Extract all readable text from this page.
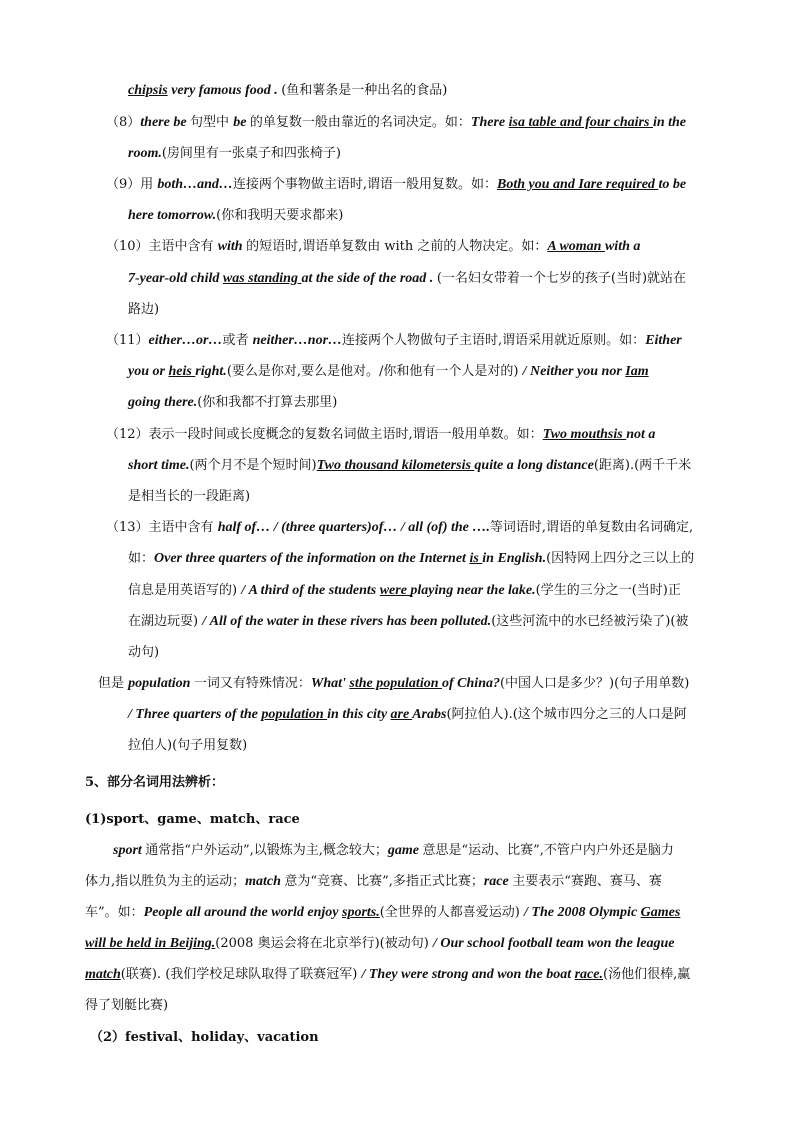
chipsis very famous food . (鱼和薯条是一种出名的食品)
（8）there be 句型中 be 的单复数一般由靠近的名词决定。如：There isa table and four chairs in the
room.(房间里有一张桌子和四张椅子)
（9）用 both…and…连接两个事物做主语时,谓语一般用复数。如：Both you and Iare required to be
here tomorrow.(你和我明天要求都来)
（10）主语中含有 with 的短语时,谓语单复数由 with 之前的人物决定。如：A woman with a
7-year-old child was standing at the side of the road . (一名妇女带着一个七岁的孩子(当时)就站在
路边)
（11）either…or…或者 neither…nor…连接两个人物做句子主语时,谓语采用就近原则。如：Either
you or heis right.(要么是你对,要么是他对。/你和他有一个人是对的) / Neither you nor Iam
going there.(你和我都不打算去那里)
（12）表示一段时间或长度概念的复数名词做主语时,谓语一般用单数。如：Two mouthsis not a
short time.(两个月不是个短时间)Two thousand kilometersis quite a long distance(距离).(两千千米
是相当长的一段距离)
（13）主语中含有 half of… / (three quarters)of… / all (of) the ….等词语时,谓语的单复数由名词确定,
如：Over three quarters of the information on the Internet is in English.(因特网上四分之三以上的
信息是用英语写的) / A third of the students were playing near the lake.(学生的三分之一(当时)正
在湖边玩耍) / All of the water in these rivers has been polluted.(这些河流中的水已经被污染了)(被
动句)
但是 population 一词又有特殊情况：What' sthe population of China?(中国人口是多少？)(句子用单数)
/ Three quarters of the population in this city are Arabs(阿拉伯人).(这个城市四分之三的人口是阿
拉伯人)(句子用复数)
5、部分名词用法辨析：
(1)sport、game、match、race
sport 通常指“户外运动”,以锻炼为主,概念较大；game 意思是“运动、比赛”,不管户内户外还是脑力
体力,指以胜负为主的运动；match 意为“竞赛、比赛”,多指正式比赛；race 主要表示“赛跑、赛马、赛
车”。如：People all around the world enjoy sports.(全世界的人都喜爱运动) / The 2008 Olympic Games
will be held in Beijing.(2008 奥运会将在北京举行)(被动句) / Our school football team won the league
match(联赛). (我们学校足球队取得了联赛冠军) / They were strong and won the boat race.(汤他们很棒,赢
得了划艇比赛)
（2）festival、holiday、vacation
